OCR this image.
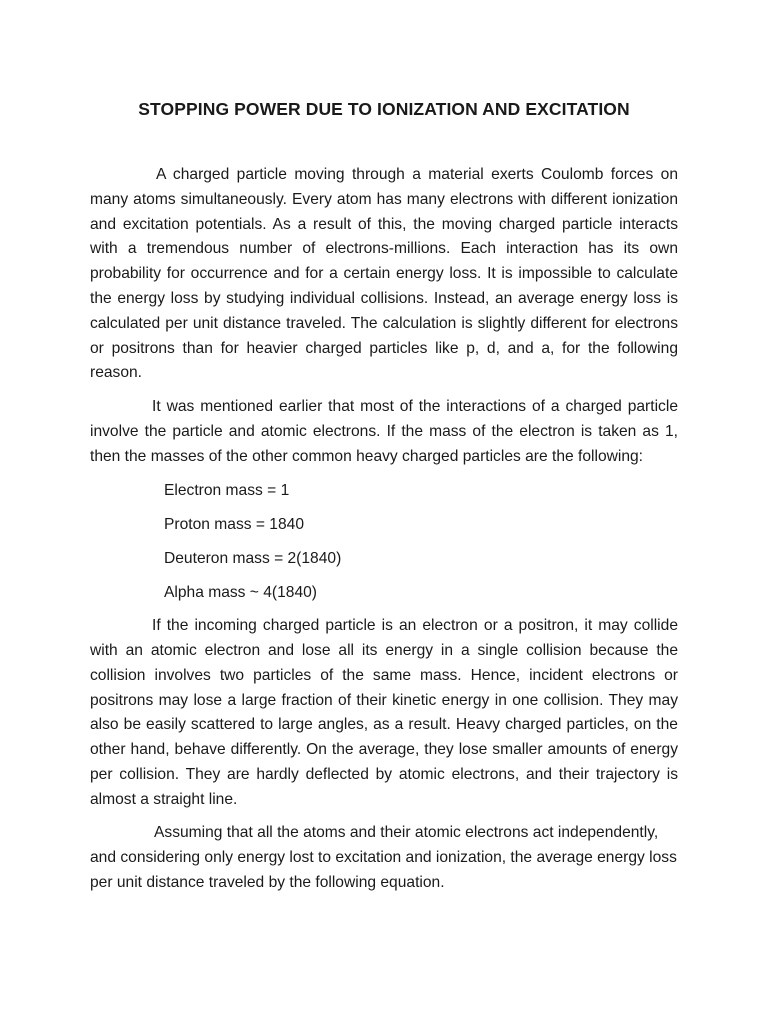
STOPPING POWER DUE TO IONIZATION AND EXCITATION

A charged particle moving through a material exerts Coulomb forces on many atoms simultaneously. Every atom has many electrons with different ionization and excitation potentials. As a result of this, the moving charged particle interacts with a tremendous number of electrons-millions. Each interaction has its own probability for occurrence and for a certain energy loss. It is impossible to calculate the energy loss by studying individual collisions. Instead, an average energy loss is calculated per unit distance traveled. The calculation is slightly different for electrons or positrons than for heavier charged particles like p, d, and a, for the following reason.

It was mentioned earlier that most of the interactions of a charged particle involve the particle and atomic electrons. If the mass of the electron is taken as 1, then the masses of the other common heavy charged particles are the following:

Electron mass = 1
Proton mass = 1840
Deuteron mass = 2(1840)
Alpha mass ~ 4(1840)

If the incoming charged particle is an electron or a positron, it may collide with an atomic electron and lose all its energy in a single collision because the collision involves two particles of the same mass. Hence, incident electrons or positrons may lose a large fraction of their kinetic energy in one collision. They may also be easily scattered to large angles, as a result. Heavy charged particles, on the other hand, behave differently. On the average, they lose smaller amounts of energy per collision. They are hardly deflected by atomic electrons, and their trajectory is almost a straight line.

Assuming that all the atoms and their atomic electrons act independently, and considering only energy lost to excitation and ionization, the average energy loss per unit distance traveled by the following equation.
